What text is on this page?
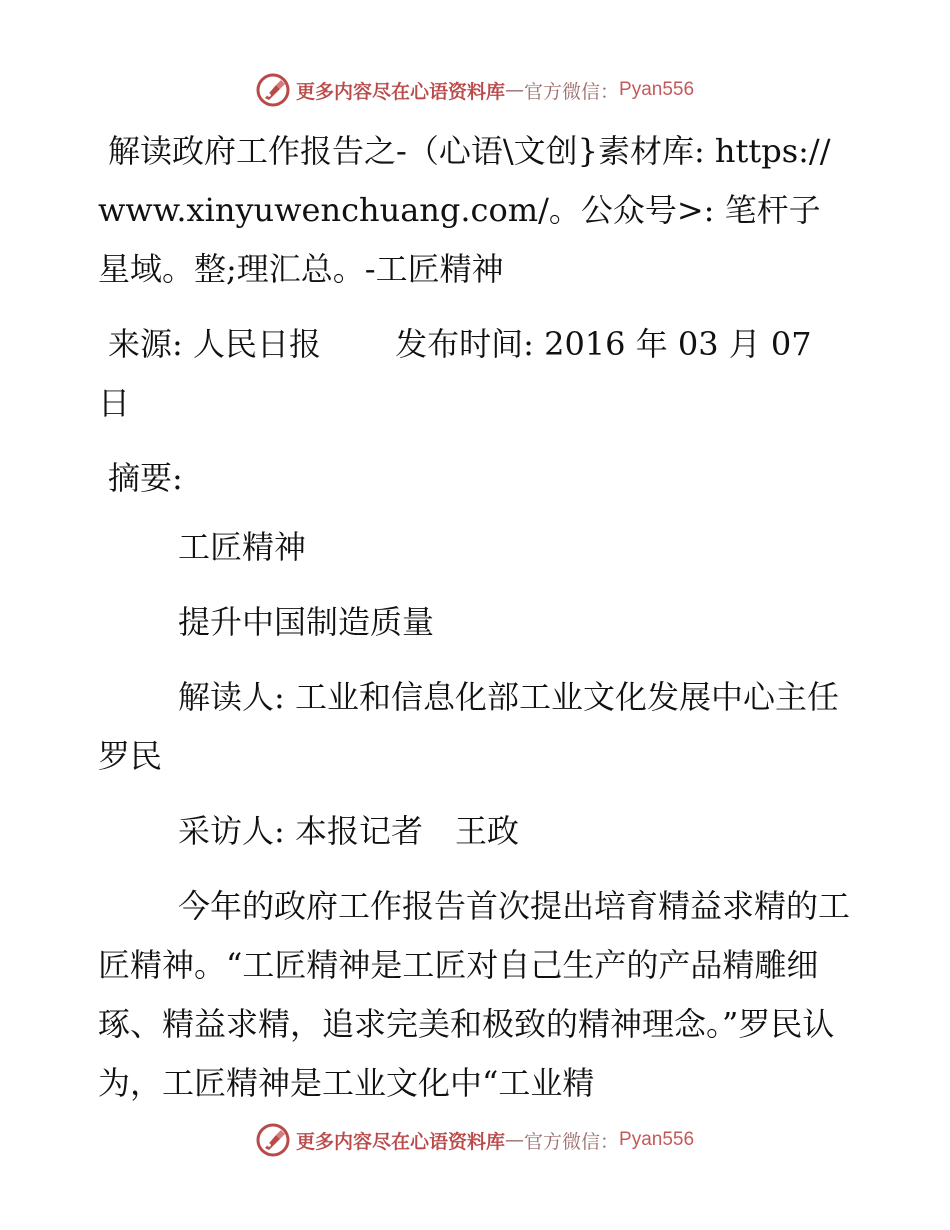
更多内容尽在心语资料库 — 官方微信 ： Pyan556

解读政府工作报告之-（心语\文创}素材库: https://www.xinyuwenchuang.com/。公众号>: 笔杆子星域。整;理汇总。-工匠精神

来源: 人民日报　　 发布时间: 2016 年 03 月 07 日

摘要:

工匠精神

提升中国制造质量

解读人: 工业和信息化部工业文化发展中心主任　罗民

采访人: 本报记者　王政

今年的政府工作报告首次提出培育精益求精的工匠精神。“工匠精神是工匠对自己生产的产品精雕细琢、精益求精，追求完美和极致的精神理念。”罗民认为，工匠精神是工业文化中“工业精

更多内容尽在心语资料库 — 官方微信 ： Pyan556
